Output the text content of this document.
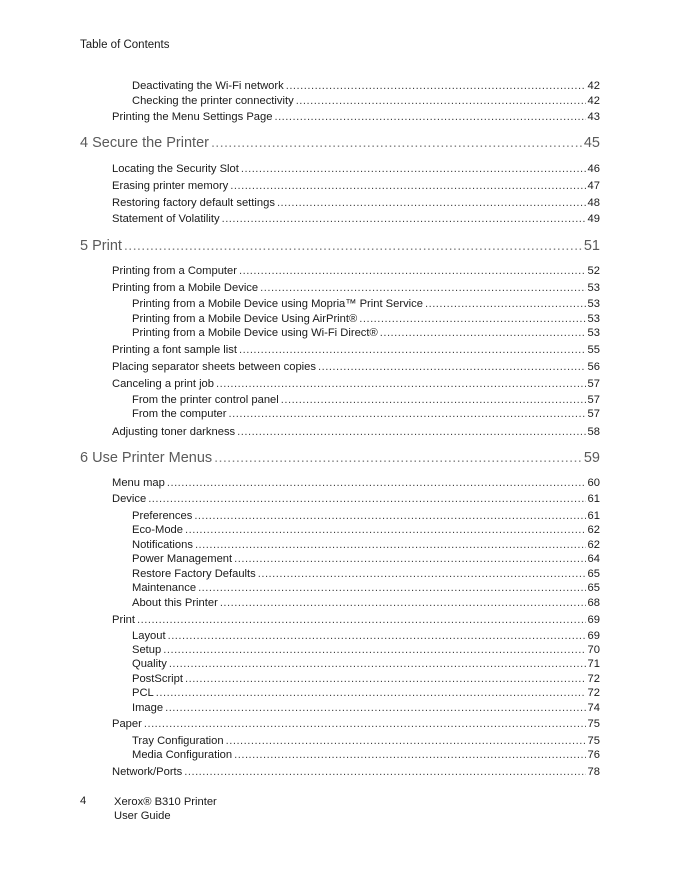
Table of Contents
Deactivating the Wi-Fi network .....	42
Checking the printer connectivity .....	42
Printing the Menu Settings Page .....	43
4 Secure the Printer .....	45
Locating the Security Slot .....	46
Erasing printer memory .....	47
Restoring factory default settings .....	48
Statement of Volatility .....	49
5 Print .....	51
Printing from a Computer .....	52
Printing from a Mobile Device .....	53
Printing from a Mobile Device using Mopria™ Print Service .....	53
Printing from a Mobile Device Using AirPrint® .....	53
Printing from a Mobile Device using Wi-Fi Direct® .....	53
Printing a font sample list .....	55
Placing separator sheets between copies .....	56
Canceling a print job .....	57
From the printer control panel .....	57
From the computer .....	57
Adjusting toner darkness .....	58
6 Use Printer Menus .....	59
Menu map .....	60
Device .....	61
Preferences .....	61
Eco-Mode .....	62
Notifications .....	62
Power Management .....	64
Restore Factory Defaults .....	65
Maintenance .....	65
About this Printer .....	68
Print .....	69
Layout .....	69
Setup .....	70
Quality .....	71
PostScript .....	72
PCL .....	72
Image .....	74
Paper .....	75
Tray Configuration .....	75
Media Configuration .....	76
Network/Ports .....	78
4 Xerox® B310 Printer
User Guide
